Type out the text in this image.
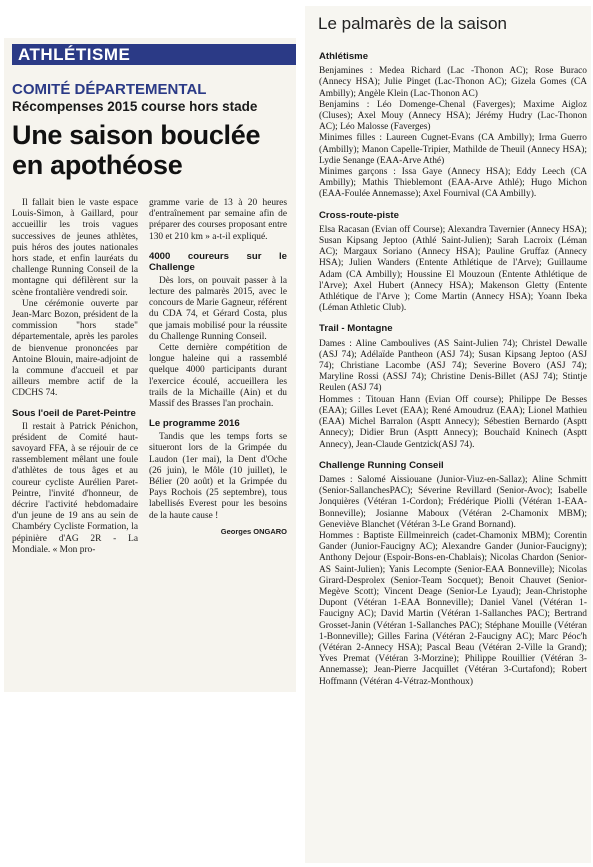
ATHLÉTISME
COMITÉ DÉPARTEMENTAL
Récompenses 2015 course hors stade
Une saison bouclée en apothéose

Il fallait bien le vaste espace Louis-Simon, à Gaillard, pour accueillir les trois vagues successives de jeunes athlètes, puis héros des joutes nationales hors stade, et enfin lauréats du challenge Running Conseil de la montagne qui défilèrent sur la scène frontalière vendredi soir.

Une cérémonie ouverte par Jean-Marc Bozon, président de la commission "hors stade" départementale, après les paroles de bienvenue prononcées par Antoine Blouin, maire-adjoint de la commune d'accueil et par ailleurs membre actif de la CDCHS 74.

Sous l'oeil de Paret-Peintre

Il restait à Patrick Pénichon, président de Comité haut-savoyard FFA, à se réjouir de ce rassemblement mêlant une foule d'athlètes de tous âges et au coureur cycliste Aurélien Paret-Peintre, l'invité d'honneur, de décrire l'activité hebdomadaire d'un jeune de 19 ans au sein de Chambéry Cycliste Formation, la pépinière d'AG 2R - La Mondiale. « Mon pro-

gramme varie de 13 à 20 heures d'entraînement par semaine afin de préparer des courses proposant entre 130 et 210 km » a-t-il expliqué.

4000 coureurs sur le Challenge

Dès lors, on pouvait passer à la lecture des palmarès 2015, avec le concours de Marie Gagneur, référent du CDA 74, et Gérard Costa, plus que jamais mobilisé pour la réussite du Challenge Running Conseil.

Cette dernière compétition de longue haleine qui a rassemblé quelque 4000 participants durant l'exercice écoulé, accueillera les trails de la Michaille (Ain) et du Massif des Brasses l'an prochain.

Le programme 2016

Tandis que les temps forts se situeront lors de la Grimpée du Laudon (1er mai), la Dent d'Oche (26 juin), le Môle (10 juillet), le Bélier (20 août) et la Grimpée du Pays Rochois (25 septembre), tous labellisés Everest pour les besoins de la haute cause !

Georges ONGARO
Le palmarès de la saison
Athlétisme

Benjamines : Medea Richard (Lac -Thonon AC); Rose Buraco (Annecy HSA); Julie Pinget (Lac-Thonon AC); Gizela Gomes (CA Ambilly); Angèle Klein (Lac-Thonon AC)

Benjamins : Léo Domenge-Chenal (Faverges); Maxime Aigloz (Cluses); Axel Mouy (Annecy HSA); Jérémy Hudry (Lac-Thonon AC); Léo Malosse (Faverges)

Minimes filles : Laureen Cugnet-Evans (CA Ambilly); Irma Guerro (Ambilly); Manon Capelle-Tripier, Mathilde de Theuil (Annecy HSA); Lydie Senange (EAA-Arve Athé)

Minimes garçons : Issa Gaye (Annecy HSA); Eddy Leech (CA Ambilly); Mathis Thieblemont (EAA-Arve Athlé); Hugo Michon (EAA-Foulée Annemasse); Axel Fournival (CA Ambilly).

Cross-route-piste

Elsa Racasan (Evian off Course); Alexandra Tavernier (Annecy HSA); Susan Kipsang Jeptoo (Athlé Saint-Julien); Sarah Lacroix (Léman AC); Margaux Soriano (Annecy HSA); Pauline Gruffaz (Annecy HSA); Julien Wanders (Entente Athlétique de l'Arve); Guillaume Adam (CA Ambilly); Houssine El Mouzoun (Entente Athlétique de l'Arve); Axel Hubert (Annecy HSA); Makenson Gletty (Entente Athlétique de l'Arve ); Come Martin (Annecy HSA); Yoann Ibeka (Léman Athletic Club).

Trail - Montagne

Dames : Aline Camboulives (AS Saint-Julien 74); Christel Dewalle (ASJ 74); Adélaïde Pantheon (ASJ 74); Susan Kipsang Jeptoo (ASJ 74); Christiane Lacombe (ASJ 74); Severine Bovero (ASJ 74); Maryline Rossi (ASSJ 74); Christine Denis-Billet (ASJ 74); Stintje Reulen (ASJ 74)

Hommes : Titouan Hann (Evian Off course); Philippe De Besses (EAA); Gilles Levet (EAA); René Amoudruz (EAA); Lionel Mathieu (EAA) Michel Barralon (Asptt Annecy); Sébestien Bernardo (Asptt Annecy); Didier Brun (Asptt Annecy); Bouchaïd Kninech (Asptt Annecy), Jean-Claude Gentzick(ASJ 74).

Challenge Running Conseil

Dames : Salomé Aissiouane (Junior-Viuz-en-Sallaz); Aline Schmitt (Senior-SallanchesPAC); Séverine Revillard (Senior-Avoc); Isabelle Jonquières (Vétéran 1-Cordon); Frédérique Piolli (Vétéran 1-EAA-Bonneville); Josianne Maboux (Vétéran 2-Chamonix MBM); Geneviève Blanchet (Vétéran 3-Le Grand Bornand).

Hommes : Baptiste Eillmeinreich (cadet-Chamonix MBM); Corentin Gander (Junior-Faucigny AC); Alexandre Gander (Junior-Faucigny); Anthony Dejour (Espoir-Bons-en-Chablais); Nicolas Chardon (Senior-AS Saint-Julien); Yanis Lecompte (Senior-EAA Bonneville); Nicolas Girard-Desprolex (Senior-Team Socquet); Benoit Chauvet (Senior-Megève Scott); Vincent Deage (Senior-Le Lyaud); Jean-Christophe Dupont (Vétéran 1-EAA Bonneville); Daniel Vanel (Vétéran 1-Faucigny AC); David Martin (Vétéran 1-Sallanches PAC); Bertrand Grosset-Janin (Vétéran 1-Sallanches PAC); Stéphane Mouille (Vétéran 1-Bonneville); Gilles Farina (Vétéran 2-Faucigny AC); Marc Péoc'h (Vétéran 2-Annecy HSA); Pascal Beau (Vétéran 2-Ville la Grand); Yves Premat (Vétéran 3-Morzine); Philippe Rouillier (Vétéran 3-Annemasse); Jean-Pierre Jacquillet (Vétéran 3-Curtafond); Robert Hoffmann (Vétéran 4-Vétraz-Monthoux)
